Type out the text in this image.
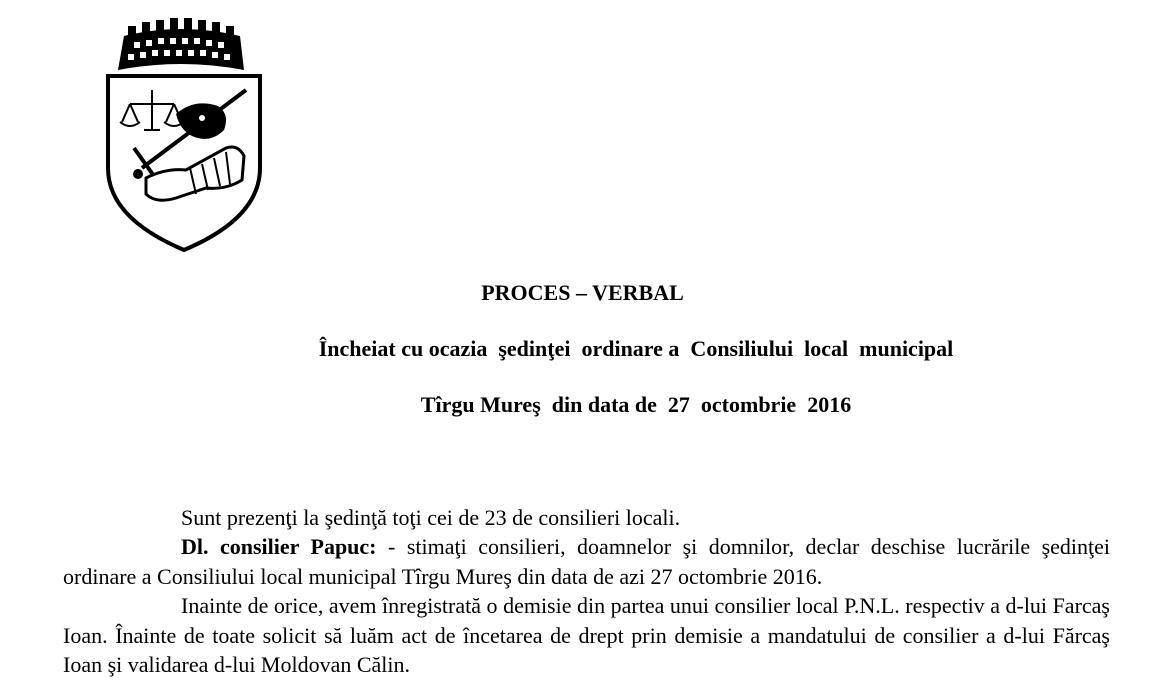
PROCES – VERBAL

Încheiat cu ocazia  şedinţei  ordinare a  Consiliului  local  municipal

Tîrgu Mureş  din data de  27  octombrie  2016

Sunt prezenţi la şedinţă toţi cei de 23 de consilieri locali.

Dl. consilier Papuc: - stimaţi consilieri, doamnelor şi domnilor, declar deschise lucrările şedinţei ordinare a Consiliului local municipal Tîrgu Mureş din data de azi 27 octombrie 2016.

Inainte de orice, avem înregistrată o demisie din partea unui consilier local P.N.L. respectiv a d-lui Farcaş Ioan. Înainte de toate solicit să luăm act de încetarea de drept prin demisie a mandatului de consilier a d-lui Fărcaş Ioan şi validarea d-lui Moldovan Călin.
